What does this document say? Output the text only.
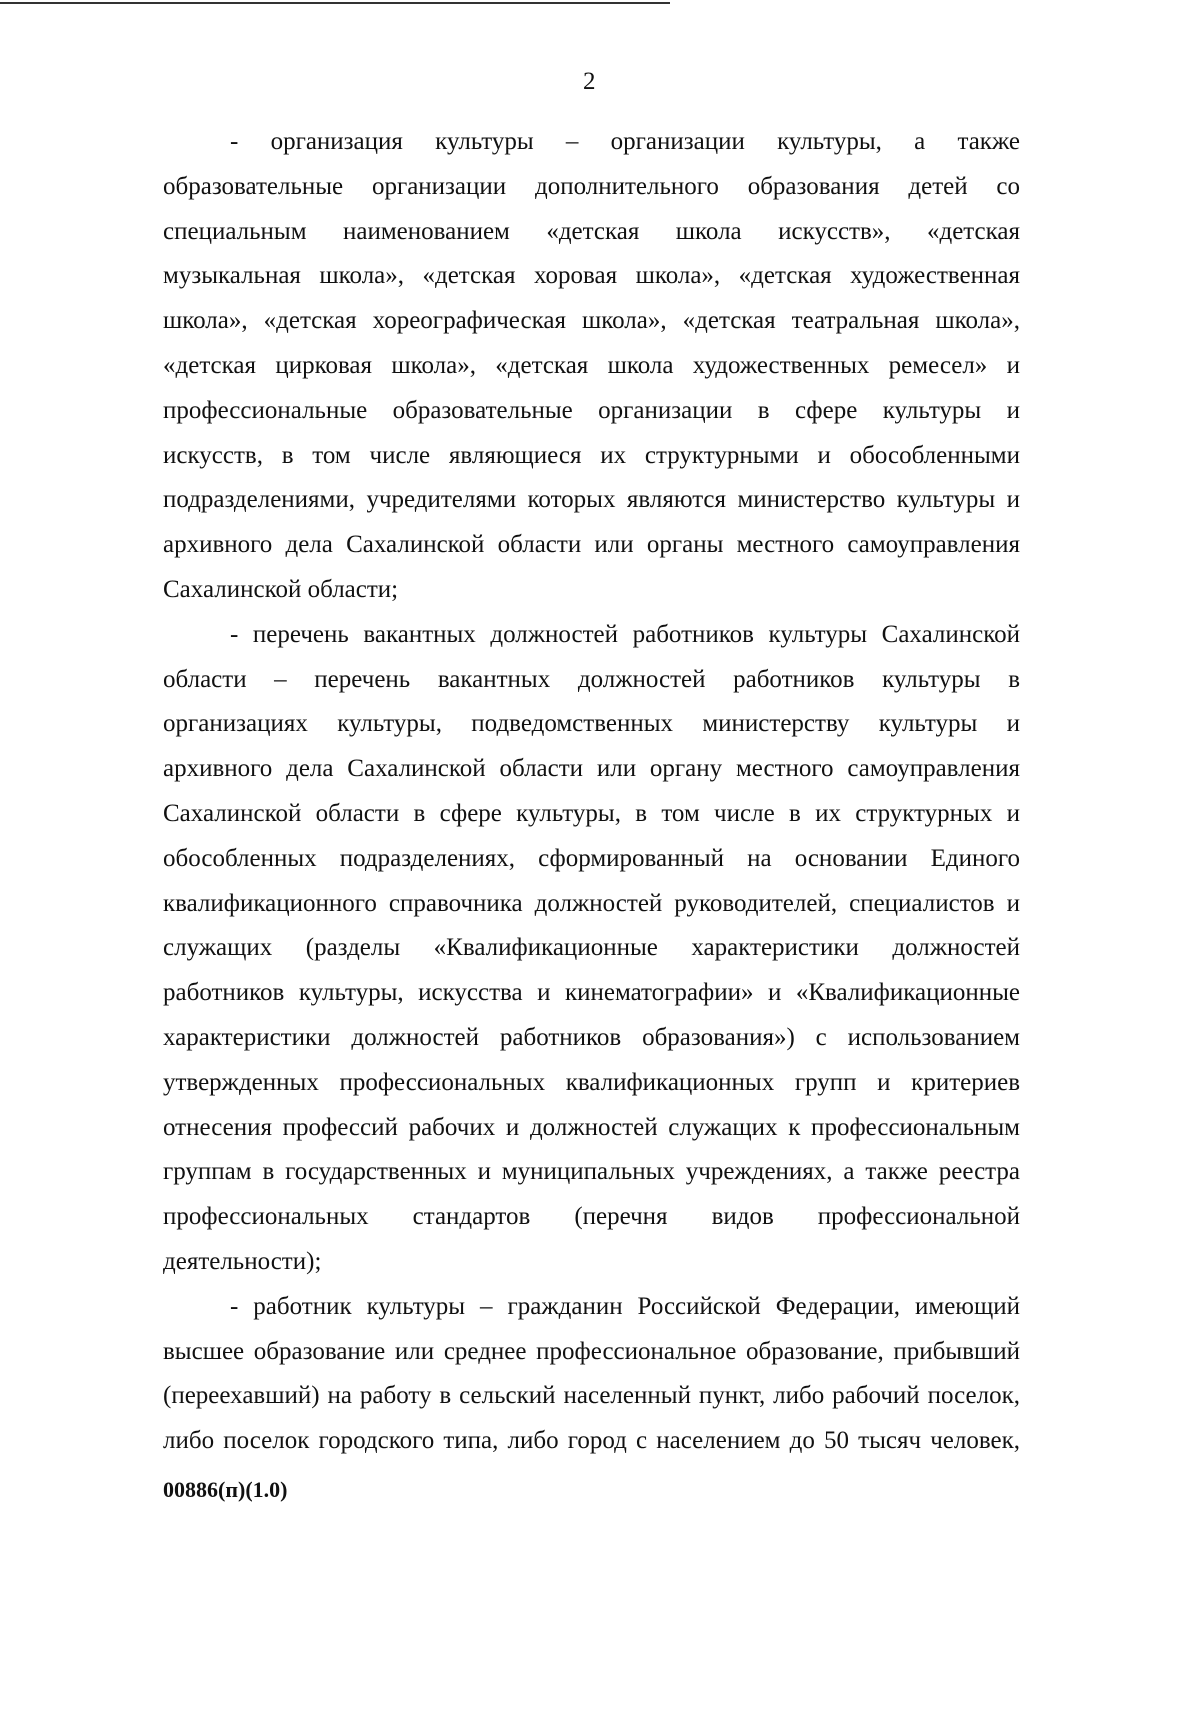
2
- организация культуры – организации культуры, а также
образовательные организации дополнительного образования детей со
специальным наименованием «детская школа искусств», «детская
музыкальная школа», «детская хоровая школа», «детская художественная
школа», «детская хореографическая школа», «детская театральная школа»,
«детская цирковая школа», «детская школа художественных ремесел» и
профессиональные образовательные организации в сфере культуры и
искусств, в том числе являющиеся их структурными и обособленными
подразделениями, учредителями которых являются министерство культуры и
архивного дела Сахалинской области или органы местного самоуправления
Сахалинской области;
- перечень вакантных должностей работников культуры Сахалинской
области – перечень вакантных должностей работников культуры в
организациях культуры, подведомственных министерству культуры и
архивного дела Сахалинской области или органу местного самоуправления
Сахалинской области в сфере культуры, в том числе в их структурных и
обособленных подразделениях, сформированный на основании Единого
квалификационного справочника должностей руководителей, специалистов и
служащих (разделы «Квалификационные характеристики должностей
работников культуры, искусства и кинематографии» и «Квалификационные
характеристики должностей работников образования») с использованием
утвержденных профессиональных квалификационных групп и критериев
отнесения профессий рабочих и должностей служащих к профессиональным
группам в государственных и муниципальных учреждениях, а также реестра
профессиональных стандартов (перечня видов профессиональной
деятельности);
- работник культуры – гражданин Российской Федерации, имеющий
высшее образование или среднее профессиональное образование, прибывший
(переехавший) на работу в сельский населенный пункт, либо рабочий поселок,
либо поселок городского типа, либо город с населением до 50 тысяч человек,
00886(п)(1.0)
